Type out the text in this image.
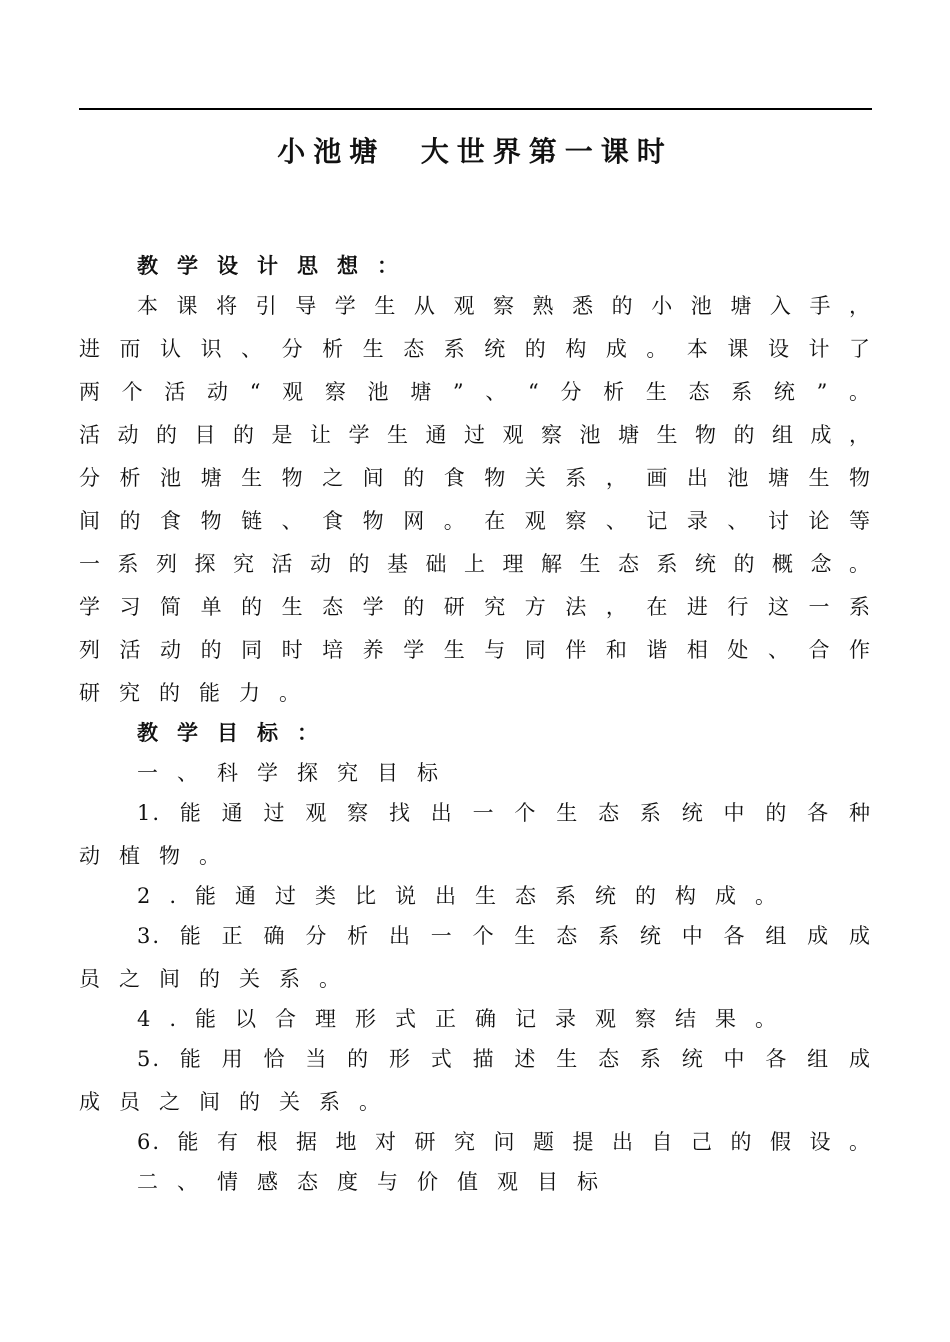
小池塘  大世界第一课时
教学设计思想：
本课将引导学生从观察熟悉的小池塘入手，
进而认识、分析生态系统的构成。本课设计了
两个活动“观察池塘”、“分析生态系统”。
活动的目的是让学生通过观察池塘生物的组成，
分析池塘生物之间的食物关系，画出池塘生物
间的食物链、食物网。在观察、记录、讨论等
一系列探究活动的基础上理解生态系统的概念。
学习简单的生态学的研究方法，在进行这一系
列活动的同时培养学生与同伴和谐相处、合作
研究的能力。
教学目标：
一、科学探究目标
1.能通过观察找出一个生态系统中的各种
动植物。
2.能通过类比说出生态系统的构成。
3.能正确分析出一个生态系统中各组成成
员之间的关系。
4.能以合理形式正确记录观察结果。
5.能用恰当的形式描述生态系统中各组成
成员之间的关系。
6.能有根据地对研究问题提出自己的假设。
二、情感态度与价值观目标
